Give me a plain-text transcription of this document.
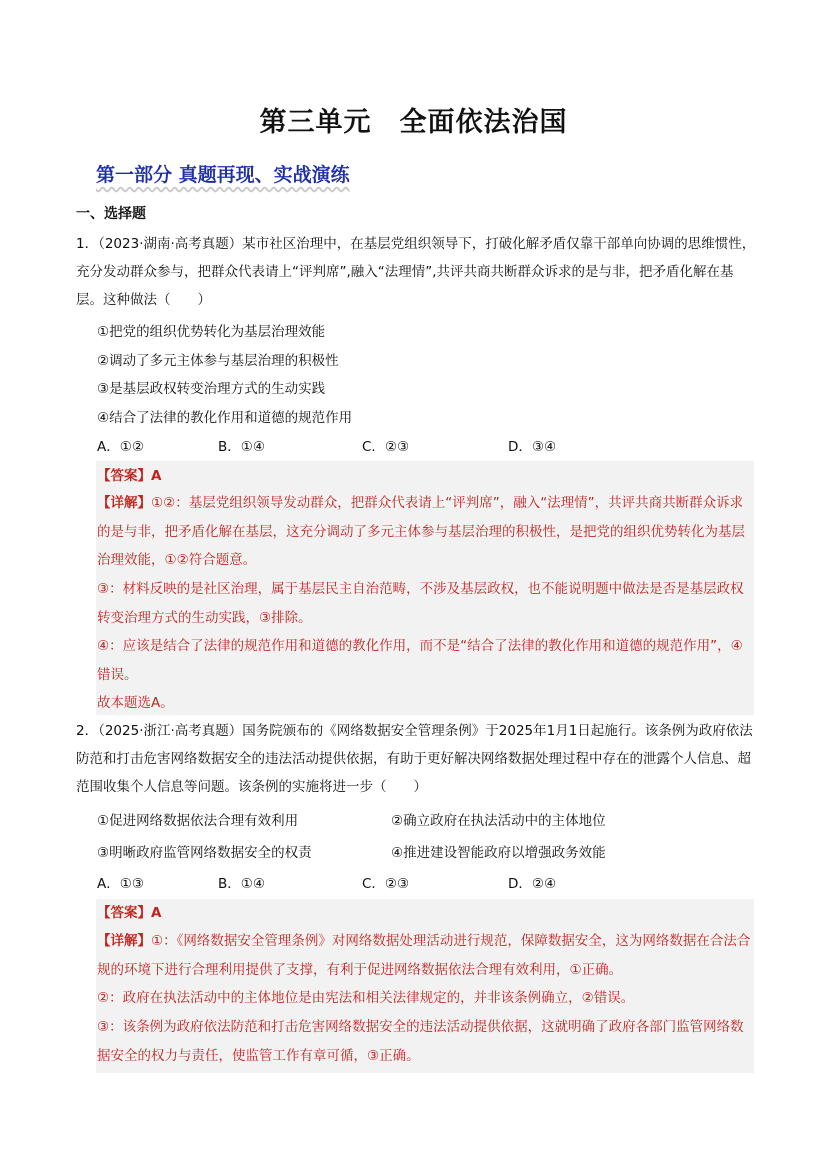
第三单元　全面依法治国
第一部分 真题再现、实战演练
一、选择题

1．（2023·湖南·高考真题）某市社区治理中，在基层党组织领导下，打破化解矛盾仅靠干部单向协调的思维惯性，充分发动群众参与，把群众代表请上“评判席”,融入“法理情”,共评共商共断群众诉求的是与非，把矛盾化解在基层。这种做法（　　）

①把党的组织优势转化为基层治理效能
②调动了多元主体参与基层治理的积极性
③是基层政权转变治理方式的生动实践
④结合了法律的教化作用和道德的规范作用
A．①②	B．①④	C．②③	D．③④

【答案】A

【详解】①②：基层党组织领导发动群众，把群众代表请上“评判席”，融入“法理情”，共评共商共断群众诉求的是与非，把矛盾化解在基层，这充分调动了多元主体参与基层治理的积极性，是把党的组织优势转化为基层治理效能，①②符合题意。

③：材料反映的是社区治理，属于基层民主自治范畴，不涉及基层政权，也不能说明题中做法是否是基层政权转变治理方式的生动实践，③排除。

④：应该是结合了法律的规范作用和道德的教化作用，而不是“结合了法律的教化作用和道德的规范作用”，④错误。

故本题选A。

2．（2025·浙江·高考真题）国务院颁布的《网络数据安全管理条例》于2025年1月1日起施行。该条例为政府依法防范和打击危害网络数据安全的违法活动提供依据，有助于更好解决网络数据处理过程中存在的泄露个人信息、超范围收集个人信息等问题。该条例的实施将进一步（　　）

①促进网络数据依法合理有效利用	②确立政府在执法活动中的主体地位
③明晰政府监管网络数据安全的权责	④推进建设智能政府以增强政务效能
A．①③	B．①④	C．②③	D．②④

【答案】A

【详解】①：《网络数据安全管理条例》对网络数据处理活动进行规范，保障数据安全，这为网络数据在合法合规的环境下进行合理利用提供了支撑，有利于促进网络数据依法合理有效利用，①正确。

②：政府在执法活动中的主体地位是由宪法和相关法律规定的，并非该条例确立，②错误。

③：该条例为政府依法防范和打击危害网络数据安全的违法活动提供依据，这就明确了政府各部门监管网络数据安全的权力与责任，使监管工作有章可循，③正确。
